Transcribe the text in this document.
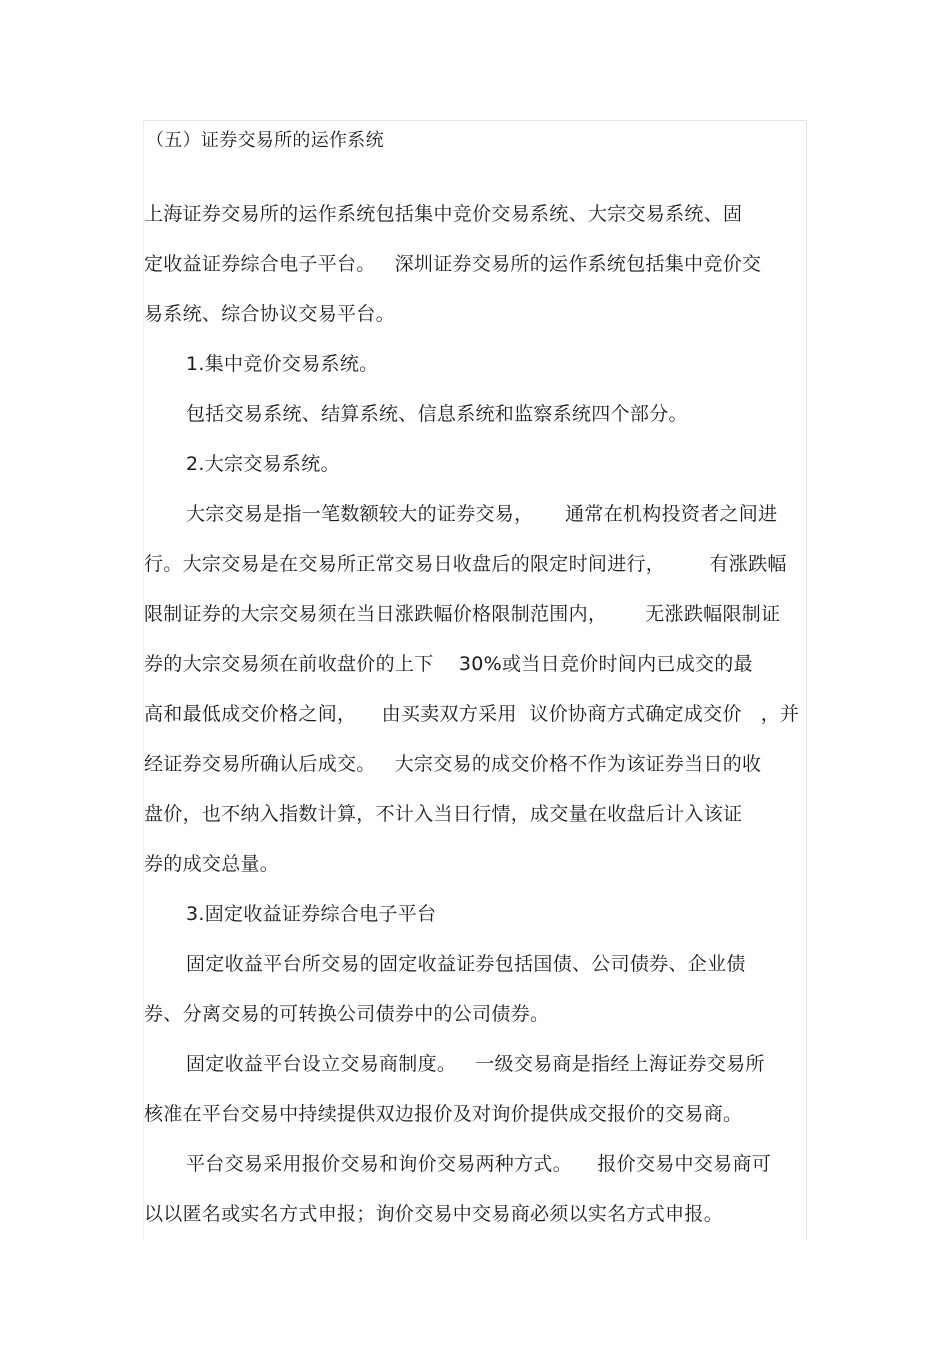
（五）证券交易所的运作系统
上海证券交易所的运作系统包括集中竞价交易系统、大宗交易系统、固
定收益证券综合电子平台。   深圳证券交易所的运作系统包括集中竞价交
易系统、综合协议交易平台。
1.集中竞价交易系统。
包括交易系统、结算系统、信息系统和监察系统四个部分。
2.大宗交易系统。
大宗交易是指一笔数额较大的证券交易，     通常在机构投资者之间进
行。大宗交易是在交易所正常交易日收盘后的限定时间进行，       有涨跌幅
限制证券的大宗交易须在当日涨跌幅价格限制范围内，      无涨跌幅限制证
券的大宗交易须在前收盘价的上下    30%或当日竞价时间内已成交的最
高和最低成交价格之间，    由买卖双方采用  议价协商方式确定成交价   ，并
经证券交易所确认后成交。   大宗交易的成交价格不作为该证券当日的收
盘价，也不纳入指数计算，不计入当日行情，成交量在收盘后计入该证
券的成交总量。
3.固定收益证券综合电子平台
固定收益平台所交易的固定收益证券包括国债、公司债券、企业债
券、分离交易的可转换公司债券中的公司债券。
固定收益平台设立交易商制度。   一级交易商是指经上海证券交易所
核准在平台交易中持续提供双边报价及对询价提供成交报价的交易商。
平台交易采用报价交易和询价交易两种方式。    报价交易中交易商可
以以匿名或实名方式申报；询价交易中交易商必须以实名方式申报。
